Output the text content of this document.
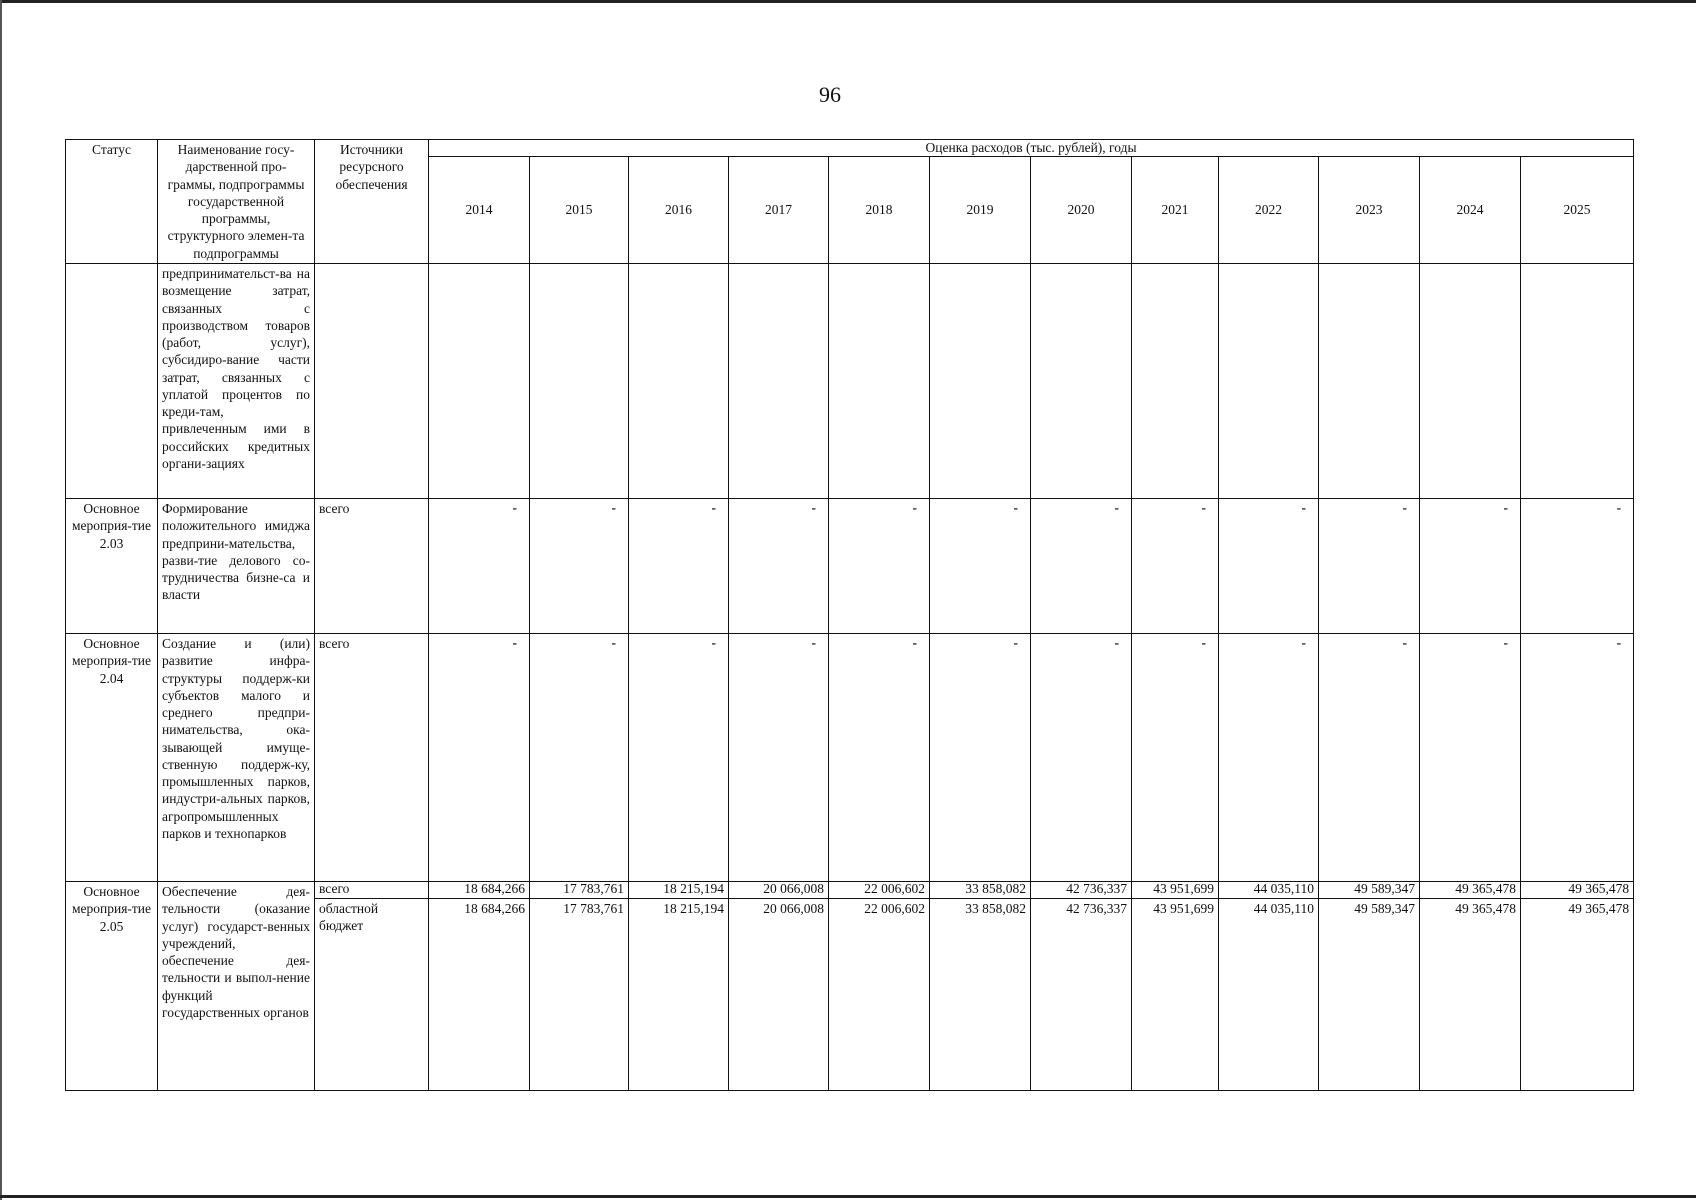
96
Статус	Наименование госу-дарственной про-граммы, подпрограммы государственной программы, структурного элемен-та подпрограммы	Источники ресурсного обеспечения	Оценка расходов (тыс. рублей), годы											

			2014	2015	2016	2017	2018	2019	2020	2021	2022	2023	2024	2025
	предпринимательст-ва на возмещение затрат, связанных с производством товаров (работ, услуг), субсидиро-вание части затрат, связанных с уплатой процентов по креди-там, привлеченным ими в российских кредитных органи-зациях													
Основное мероприя-тие 2.03	Формирование положительного имиджа предприни-мательства, разви-тие делового со-трудничества бизне-са и власти	всего	-	-	-	-	-	-	-	-	-	-	-	-

Основное мероприя-тие 2.04	Создание и (или) развитие инфра-структуры поддерж-ки субъектов малого и среднего предпри-нимательства, ока-зывающей имуще-ственную поддерж-ку, промышленных парков, индустри-альных парков, агропромышленных парков и технопарков	всего	-	-	-	-	-	-	-	-	-	-	-	-

Основное мероприя-тие 2.05	Обеспечение дея-тельности (оказание услуг) государст-венных учреждений, обеспечение дея-тельности и выпол-нение функций государственных органов	всего	18 684,266	17 783,761	18 215,194	20 066,008	22 006,602	33 858,082	42 736,337	43 951,699	44 035,110	49 589,347	49 365,478	49 365,478
		областной бюджет	18 684,266	17 783,761	18 215,194	20 066,008	22 006,602	33 858,082	42 736,337	43 951,699	44 035,110	49 589,347	49 365,478	49 365,478
